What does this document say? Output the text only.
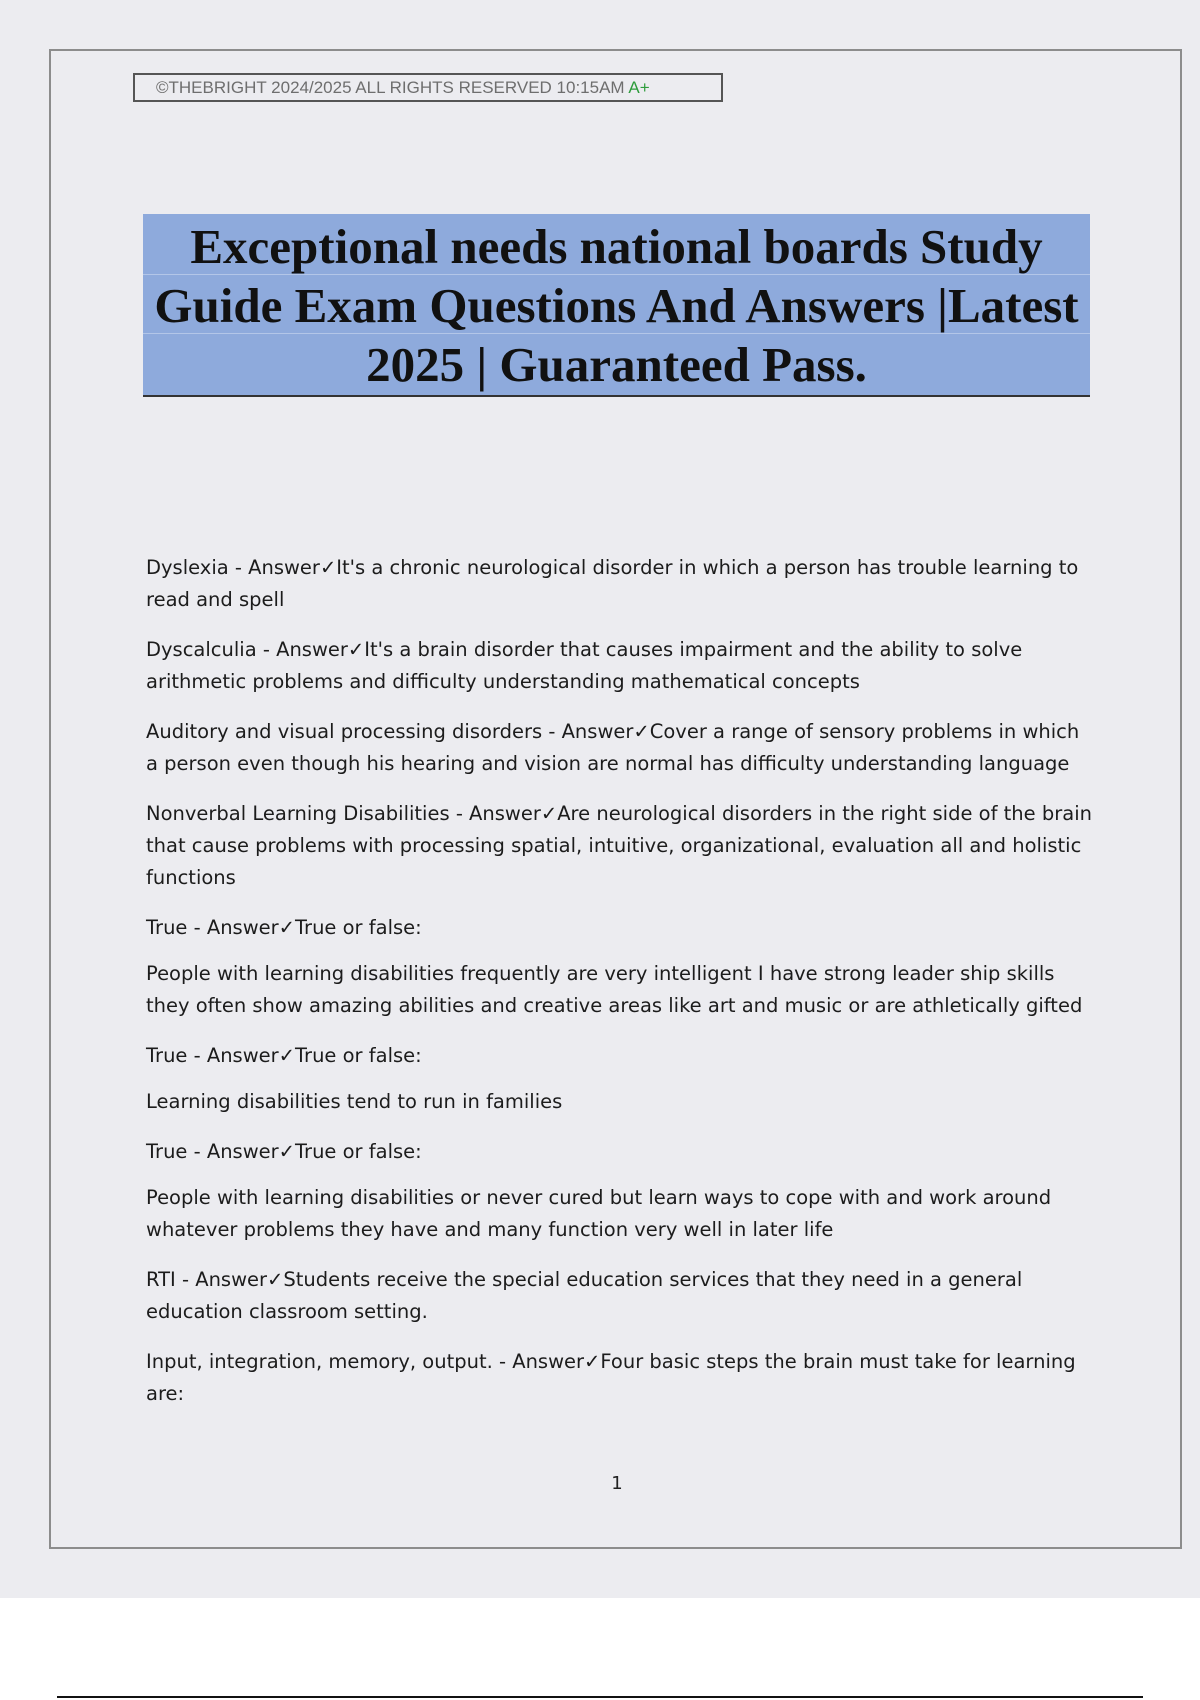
©THEBRIGHT 2024/2025 ALL RIGHTS RESERVED 10:15AM A+
Exceptional needs national boards Study Guide Exam Questions And Answers |Latest 2025 | Guaranteed Pass.

Dyslexia - Answer✓It's a chronic neurological disorder in which a person has trouble learning to read and spell

Dyscalculia - Answer✓It's a brain disorder that causes impairment and the ability to solve arithmetic problems and difficulty understanding mathematical concepts

Auditory and visual processing disorders - Answer✓Cover a range of sensory problems in which a person even though his hearing and vision are normal has difficulty understanding language

Nonverbal Learning Disabilities - Answer✓Are neurological disorders in the right side of the brain that cause problems with processing spatial, intuitive, organizational, evaluation all and holistic functions

True - Answer✓True or false:

People with learning disabilities frequently are very intelligent I have strong leader ship skills they often show amazing abilities and creative areas like art and music or are athletically gifted

True - Answer✓True or false:

Learning disabilities tend to run in families

True - Answer✓True or false:

People with learning disabilities or never cured but learn ways to cope with and work around whatever problems they have and many function very well in later life

RTI - Answer✓Students receive the special education services that they need in a general education classroom setting.

Input, integration, memory, output. - Answer✓Four basic steps the brain must take for learning are:

1
